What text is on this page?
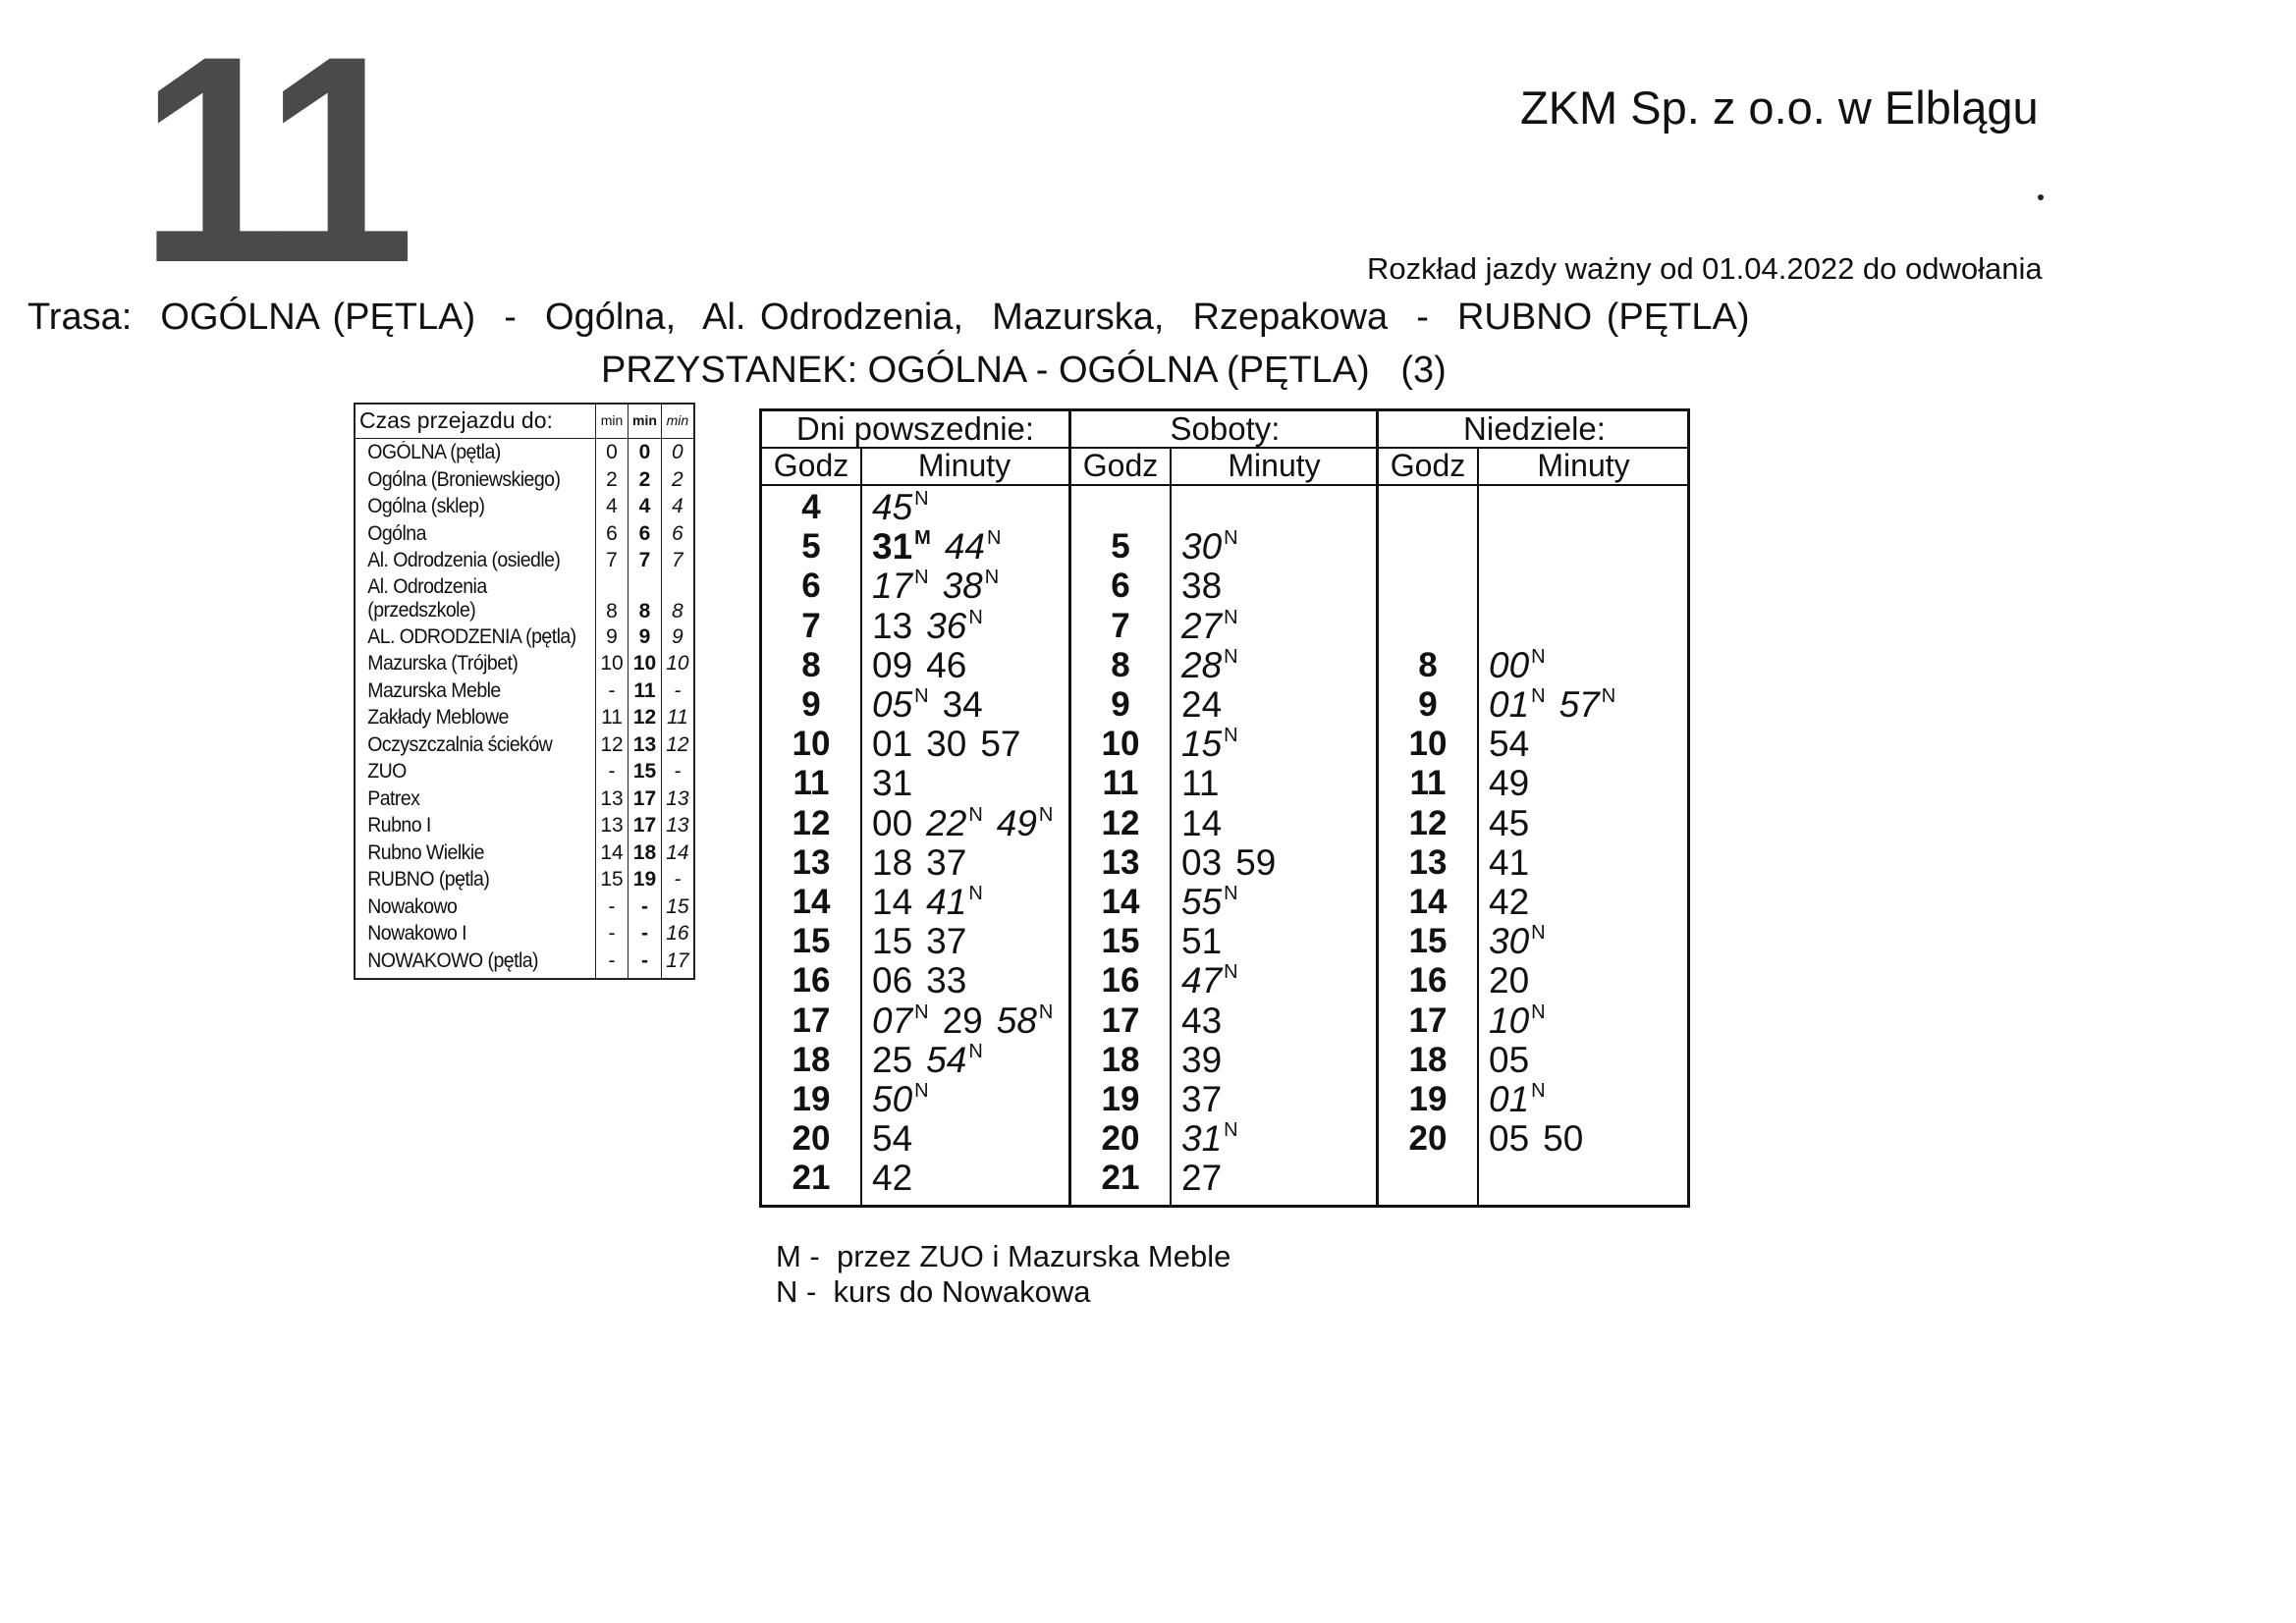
11	ZKM Sp. z o.o. w Elblągu
Rozkład jazdy ważny od 01.04.2022 do odwołania
Trasa:  OGÓLNA (PĘTLA)  -  Ogólna,  Al. Odrodzenia,  Mazurska,  Rzepakowa  -  RUBNO (PĘTLA)
PRZYSTANEK: OGÓLNA - OGÓLNA (PĘTLA)   (3)
Czas przejazdu do:	min	min	min
OGÓLNA (pętla)	0	0	0
Ogólna (Broniewskiego)	2	2	2
Ogólna (sklep)	4	4	4
Ogólna	6	6	6
Al. Odrodzenia (osiedle)	7	7	7
Al. Odrodzenia (przedszkole)	8	8	8
AL. ODRODZENIA (pętla)	9	9	9
Mazurska (Trójbet)	10	10	10
Mazurska Meble	-	11	-
Zakłady Meblowe	11	12	11
Oczyszczalnia ścieków	12	13	12
ZUO	-	15	-
Patrex	13	17	13
Rubno I	13	17	13
Rubno Wielkie	14	18	14
RUBNO (pętla)	15	19	-
Nowakowo	-	-	15
Nowakowo I	-	-	16
NOWAKOWO (pętla)	-	-	17
Dni powszednie:
Godz	Minuty
4	45 $^N$
5	31 $^M$ 44 $^N$
6	17 $^N$ 38 $^N$
7	13 36 $^N$
8	09 46
9	05 $^N$ 34
10	01 30 57
11	31
12	00 22 $^N$ 49 $^N$
13	18 37
14	14 41 $^N$
15	15 37
16	06 33
17	07 $^N$ 29 58 $^N$
18	25 54 $^N$
19	50 $^N$
20	54
21	42
Soboty:
Godz	Minuty
5	30 $^N$
6	38
7	27 $^N$
8	28 $^N$
9	24
10	15 $^N$
11	11
12	14
13	03 59
14	55 $^N$
15	51
16	47 $^N$
17	43
18	39
19	37
20	31 $^N$
21	27
Niedziele:
Godz	Minuty
8	00 $^N$
9	01 $^N$ 57 $^N$
10	54
11	49
12	45
13	41
14	42
15	30 $^N$
16	20
17	10 $^N$
18	05
19	01 $^N$
20	05 50
M -  przez ZUO i Mazurska Meble
N -  kurs do Nowakowa
